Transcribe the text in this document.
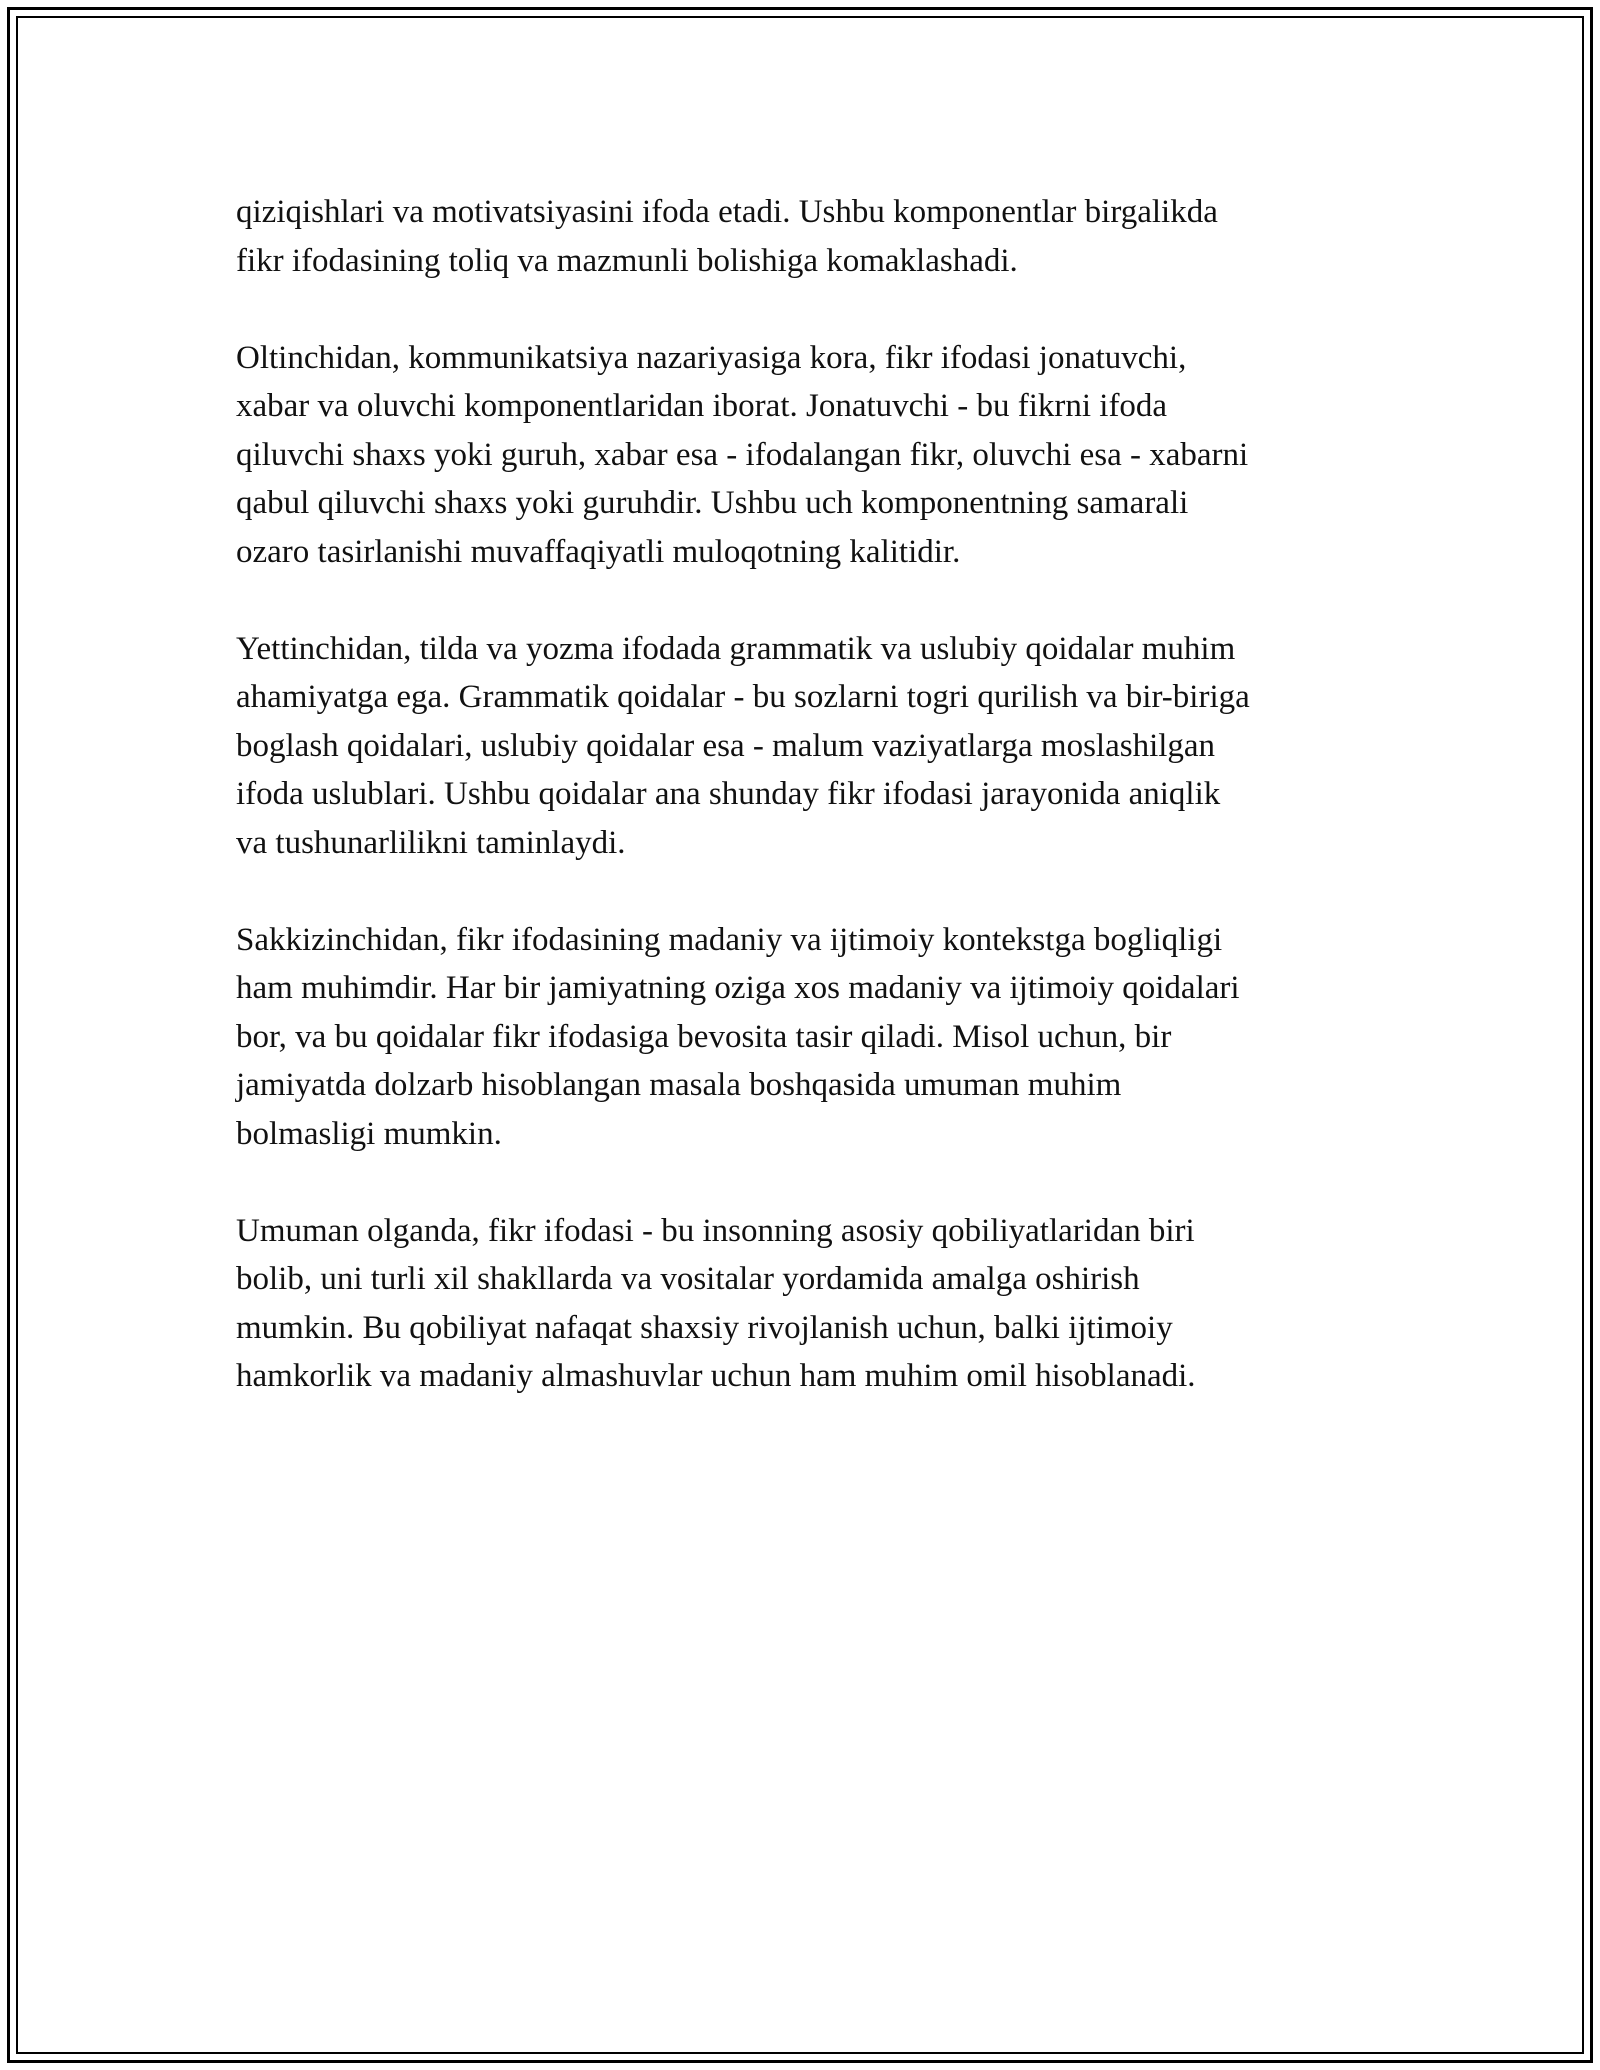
qiziqishlari va motivatsiyasini ifoda etadi. Ushbu komponentlar birgalikda
fikr ifodasining toliq va mazmunli bolishiga komaklashadi.

Oltinchidan, kommunikatsiya nazariyasiga kora, fikr ifodasi jonatuvchi,
xabar va oluvchi komponentlaridan iborat. Jonatuvchi - bu fikrni ifoda
qiluvchi shaxs yoki guruh, xabar esa - ifodalangan fikr, oluvchi esa - xabarni
qabul qiluvchi shaxs yoki guruhdir. Ushbu uch komponentning samarali
ozaro tasirlanishi muvaffaqiyatli muloqotning kalitidir.

Yettinchidan, tilda va yozma ifodada grammatik va uslubiy qoidalar muhim
ahamiyatga ega. Grammatik qoidalar - bu sozlarni togri qurilish va bir-biriga
boglash qoidalari, uslubiy qoidalar esa - malum vaziyatlarga moslashilgan
ifoda uslublari. Ushbu qoidalar ana shunday fikr ifodasi jarayonida aniqlik
va tushunarlilikni taminlaydi.

Sakkizinchidan, fikr ifodasining madaniy va ijtimoiy kontekstga bogliqligi
ham muhimdir. Har bir jamiyatning oziga xos madaniy va ijtimoiy qoidalari
bor, va bu qoidalar fikr ifodasiga bevosita tasir qiladi. Misol uchun, bir
jamiyatda dolzarb hisoblangan masala boshqasida umuman muhim
bolmasligi mumkin.

Umuman olganda, fikr ifodasi - bu insonning asosiy qobiliyatlaridan biri
bolib, uni turli xil shakllarda va vositalar yordamida amalga oshirish
mumkin. Bu qobiliyat nafaqat shaxsiy rivojlanish uchun, balki ijtimoiy
hamkorlik va madaniy almashuvlar uchun ham muhim omil hisoblanadi.
